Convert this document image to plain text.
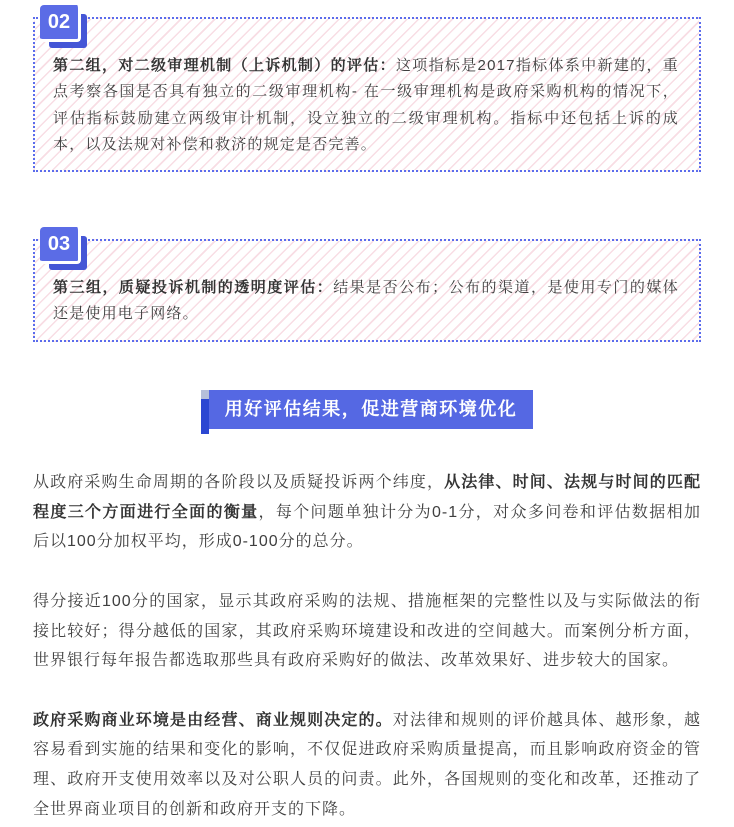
02

第二组，对二级审理机制（上诉机制）的评估：这项指标是2017指标体系中新建的，重点考察各国是否具有独立的二级审理机构- 在一级审理机构是政府采购机构的情况下，评估指标鼓励建立两级审计机制，设立独立的二级审理机构。指标中还包括上诉的成本，以及法规对补偿和救济的规定是否完善。

03

第三组，质疑投诉机制的透明度评估：结果是否公布；公布的渠道，是使用专门的媒体还是使用电子网络。

用好评估结果，促进营商环境优化

从政府采购生命周期的各阶段以及质疑投诉两个纬度，从法律、时间、法规与时间的匹配程度三个方面进行全面的衡量，每个问题单独计分为0-1分，对众多问卷和评估数据相加后以100分加权平均，形成0-100分的总分。

得分接近100分的国家，显示其政府采购的法规、措施框架的完整性以及与实际做法的衔接比较好；得分越低的国家，其政府采购环境建设和改进的空间越大。而案例分析方面，世界银行每年报告都选取那些具有政府采购好的做法、改革效果好、进步较大的国家。

政府采购商业环境是由经营、商业规则决定的。对法律和规则的评价越具体、越形象，越容易看到实施的结果和变化的影响，不仅促进政府采购质量提高，而且影响政府资金的管理、政府开支使用效率以及对公职人员的问责。此外，各国规则的变化和改革，还推动了全世界商业项目的创新和政府开支的下降。
